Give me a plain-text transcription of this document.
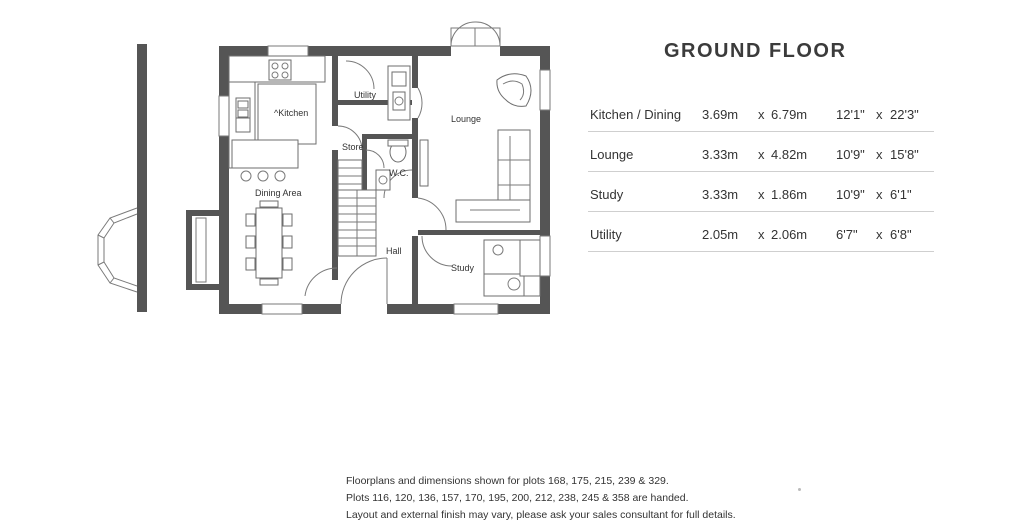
^Kitchen
Utility
Lounge
Store
W.C.
Dining Area
Hall
Study
GROUND FLOOR
Kitchen / Dining 3.69m x 6.79m 12'1" x 22'3"
Lounge	3.33m x 4.82m 10'9" x 15'8"
Study	3.33m x 1.86m 10'9" x 6'1"
Utility	2.05m x 2.06m 6'7" x 6'8"
Floorplans and dimensions shown for plots 168, 175, 215, 239 & 329.
Plots 116, 120, 136, 157, 170, 195, 200, 212, 238, 245 & 358 are handed.
Layout and external finish may vary, please ask your sales consultant for full details.
